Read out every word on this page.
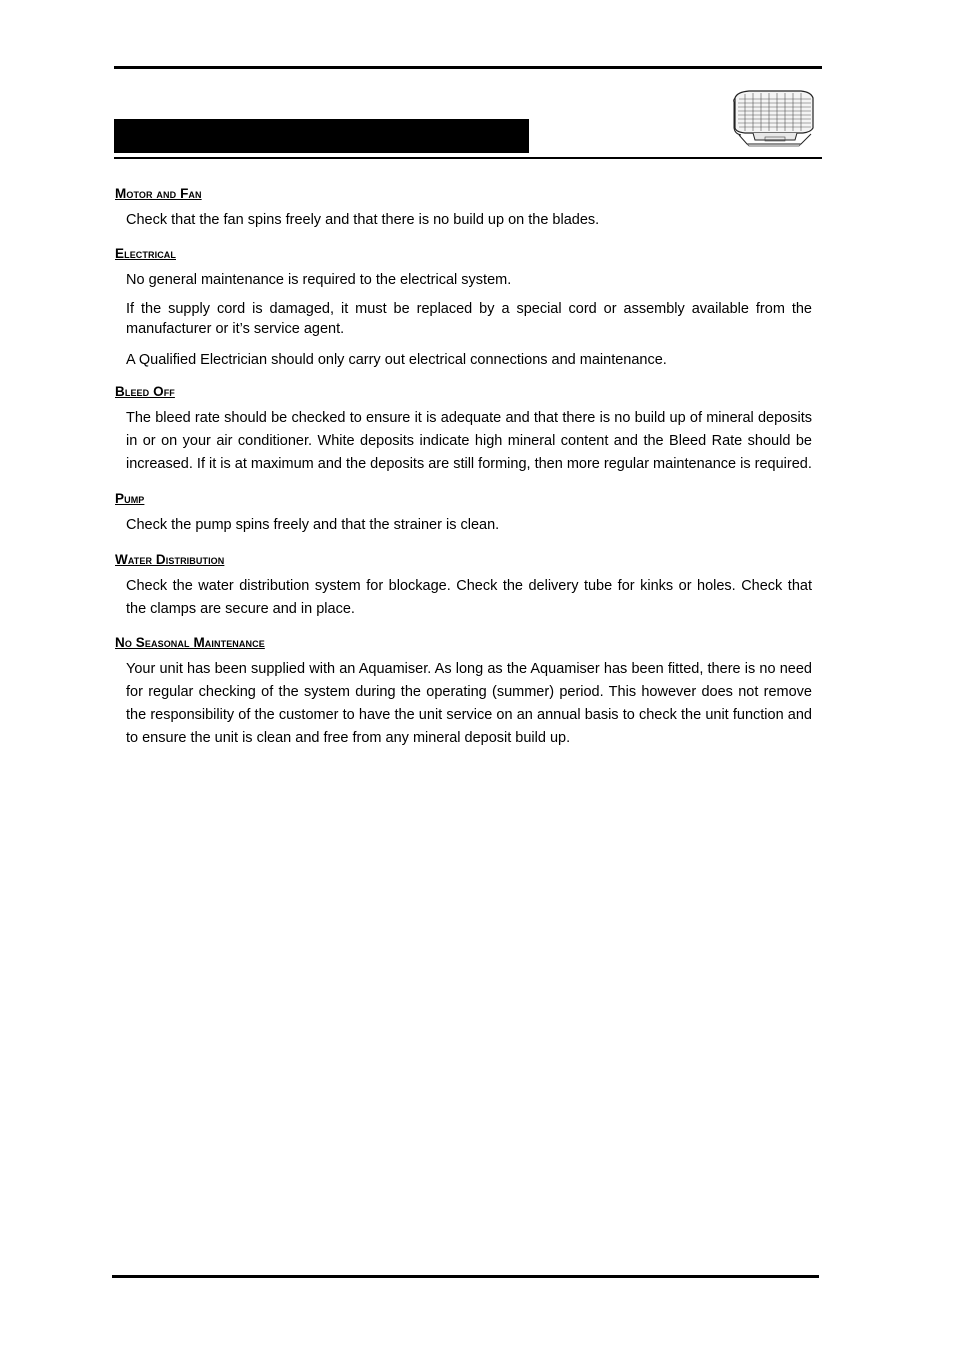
Motor and Fan

Check that the fan spins freely and that there is no build up on the blades.

Electrical

No general maintenance is required to the electrical system.

If the supply cord is damaged, it must be replaced by a special cord or assembly available from the manufacturer or it’s service agent.

A Qualified Electrician should only carry out electrical connections and maintenance.

Bleed Off

The bleed rate should be checked to ensure it is adequate and that there is no build up of mineral deposits in or on your air conditioner. White deposits indicate high mineral content and the Bleed Rate should be increased. If it is at maximum and the deposits are still forming, then more regular maintenance is required.

Pump

Check the pump spins freely and that the strainer is clean.

Water Distribution

Check the water distribution system for blockage. Check the delivery tube for kinks or holes. Check that the clamps are secure and in place.

No Seasonal Maintenance

Your unit has been supplied with an Aquamiser. As long as the Aquamiser has been fitted, there is no need for regular checking of the system during the operating (summer) period. This however does not remove the responsibility of the customer to have the unit service on an annual basis to check the unit function and to ensure the unit is clean and free from any mineral deposit build up.
